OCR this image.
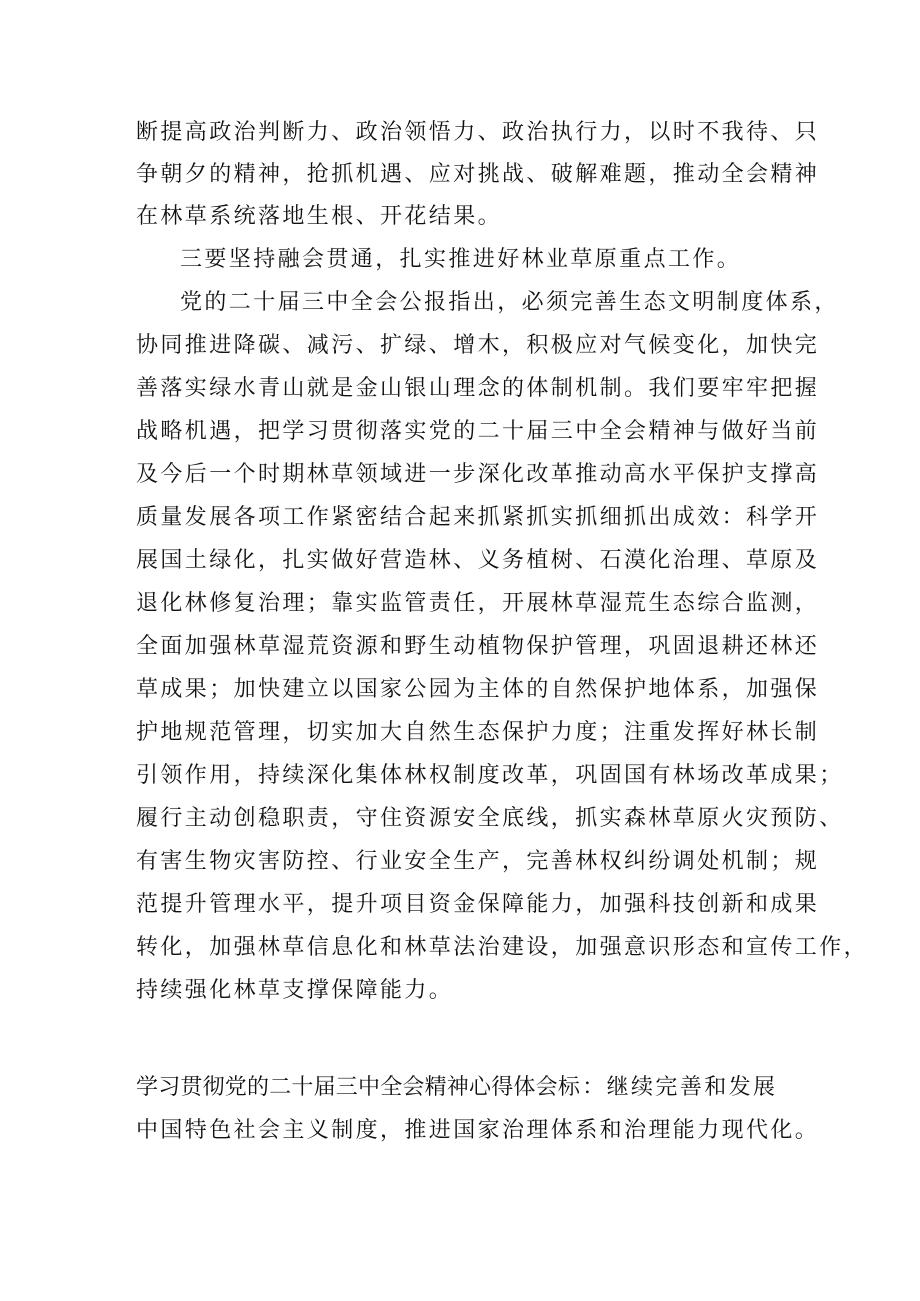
断提高政治判断力、政治领悟力、政治执行力，以时不我待、只
争朝夕的精神，抢抓机遇、应对挑战、破解难题，推动全会精神
在林草系统落地生根、开花结果。
三要坚持融会贯通，扎实推进好林业草原重点工作。
党的二十届三中全会公报指出，必须完善生态文明制度体系，
协同推进降碳、减污、扩绿、增木，积极应对气候变化，加快完
善落实绿水青山就是金山银山理念的体制机制。我们要牢牢把握
战略机遇，把学习贯彻落实党的二十届三中全会精神与做好当前
及今后一个时期林草领域进一步深化改革推动高水平保护支撑高
质量发展各项工作紧密结合起来抓紧抓实抓细抓出成效：科学开
展国土绿化，扎实做好营造林、义务植树、石漠化治理、草原及
退化林修复治理；靠实监管责任，开展林草湿荒生态综合监测，
全面加强林草湿荒资源和野生动植物保护管理，巩固退耕还林还
草成果；加快建立以国家公园为主体的自然保护地体系，加强保
护地规范管理，切实加大自然生态保护力度；注重发挥好林长制
引领作用，持续深化集体林权制度改革，巩固国有林场改革成果；
履行主动创稳职责，守住资源安全底线，抓实森林草原火灾预防、
有害生物灾害防控、行业安全生产，完善林权纠纷调处机制；规
范提升管理水平，提升项目资金保障能力，加强科技创新和成果
转化，加强林草信息化和林草法治建设，加强意识形态和宣传工作，
持续强化林草支撑保障能力。
学习贯彻党的二十届三中全会精神心得体会标：继续完善和发展
中国特色社会主义制度，推进国家治理体系和治理能力现代化。
